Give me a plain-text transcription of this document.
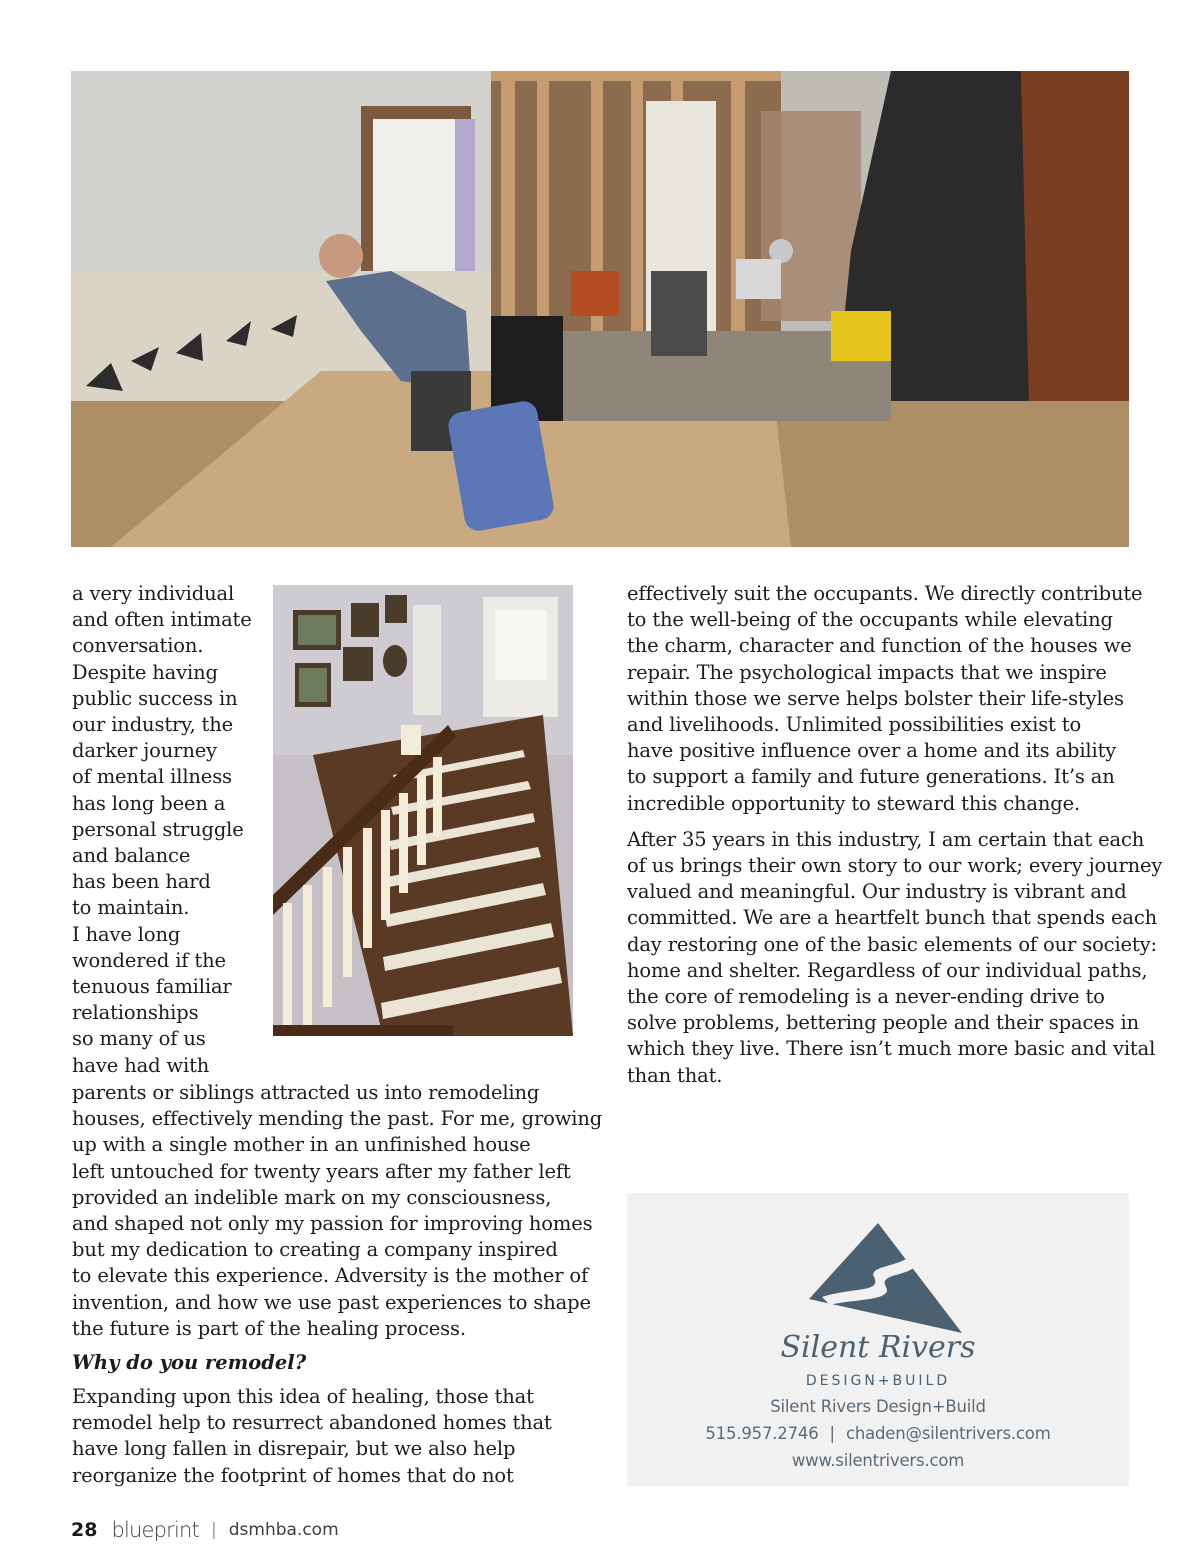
a very individual
and often intimate
conversation.
Despite having
public success in
our industry, the
darker journey
of mental illness
has long been a
personal struggle
and balance
has been hard
to maintain.
I have long
wondered if the
tenuous familiar
relationships
so many of us
have had with
parents or siblings attracted us into remodeling
houses, effectively mending the past. For me, growing
up with a single mother in an unfinished house
left untouched for twenty years after my father left
provided an indelible mark on my consciousness,
and shaped not only my passion for improving homes
but my dedication to creating a company inspired
to elevate this experience. Adversity is the mother of
invention, and how we use past experiences to shape
the future is part of the healing process.
Why do you remodel?
Expanding upon this idea of healing, those that
remodel help to resurrect abandoned homes that
have long fallen in disrepair, but we also help
reorganize the footprint of homes that do not
effectively suit the occupants. We directly contribute
to the well-being of the occupants while elevating
the charm, character and function of the houses we
repair. The psychological impacts that we inspire
within those we serve helps bolster their life-styles
and livelihoods. Unlimited possibilities exist to
have positive influence over a home and its ability
to support a family and future generations. It’s an
incredible opportunity to steward this change.
After 35 years in this industry, I am certain that each
of us brings their own story to our work; every journey
valued and meaningful. Our industry is vibrant and
committed. We are a heartfelt bunch that spends each
day restoring one of the basic elements of our society:
home and shelter. Regardless of our individual paths,
the core of remodeling is a never-ending drive to
solve problems, bettering people and their spaces in
which they live. There isn’t much more basic and vital
than that.
Silent Rivers
DESIGN+BUILD
Silent Rivers Design+Build
515.957.2746 | chaden@silentrivers.com
www.silentrivers.com
28 blueprint | dsmhba.com
